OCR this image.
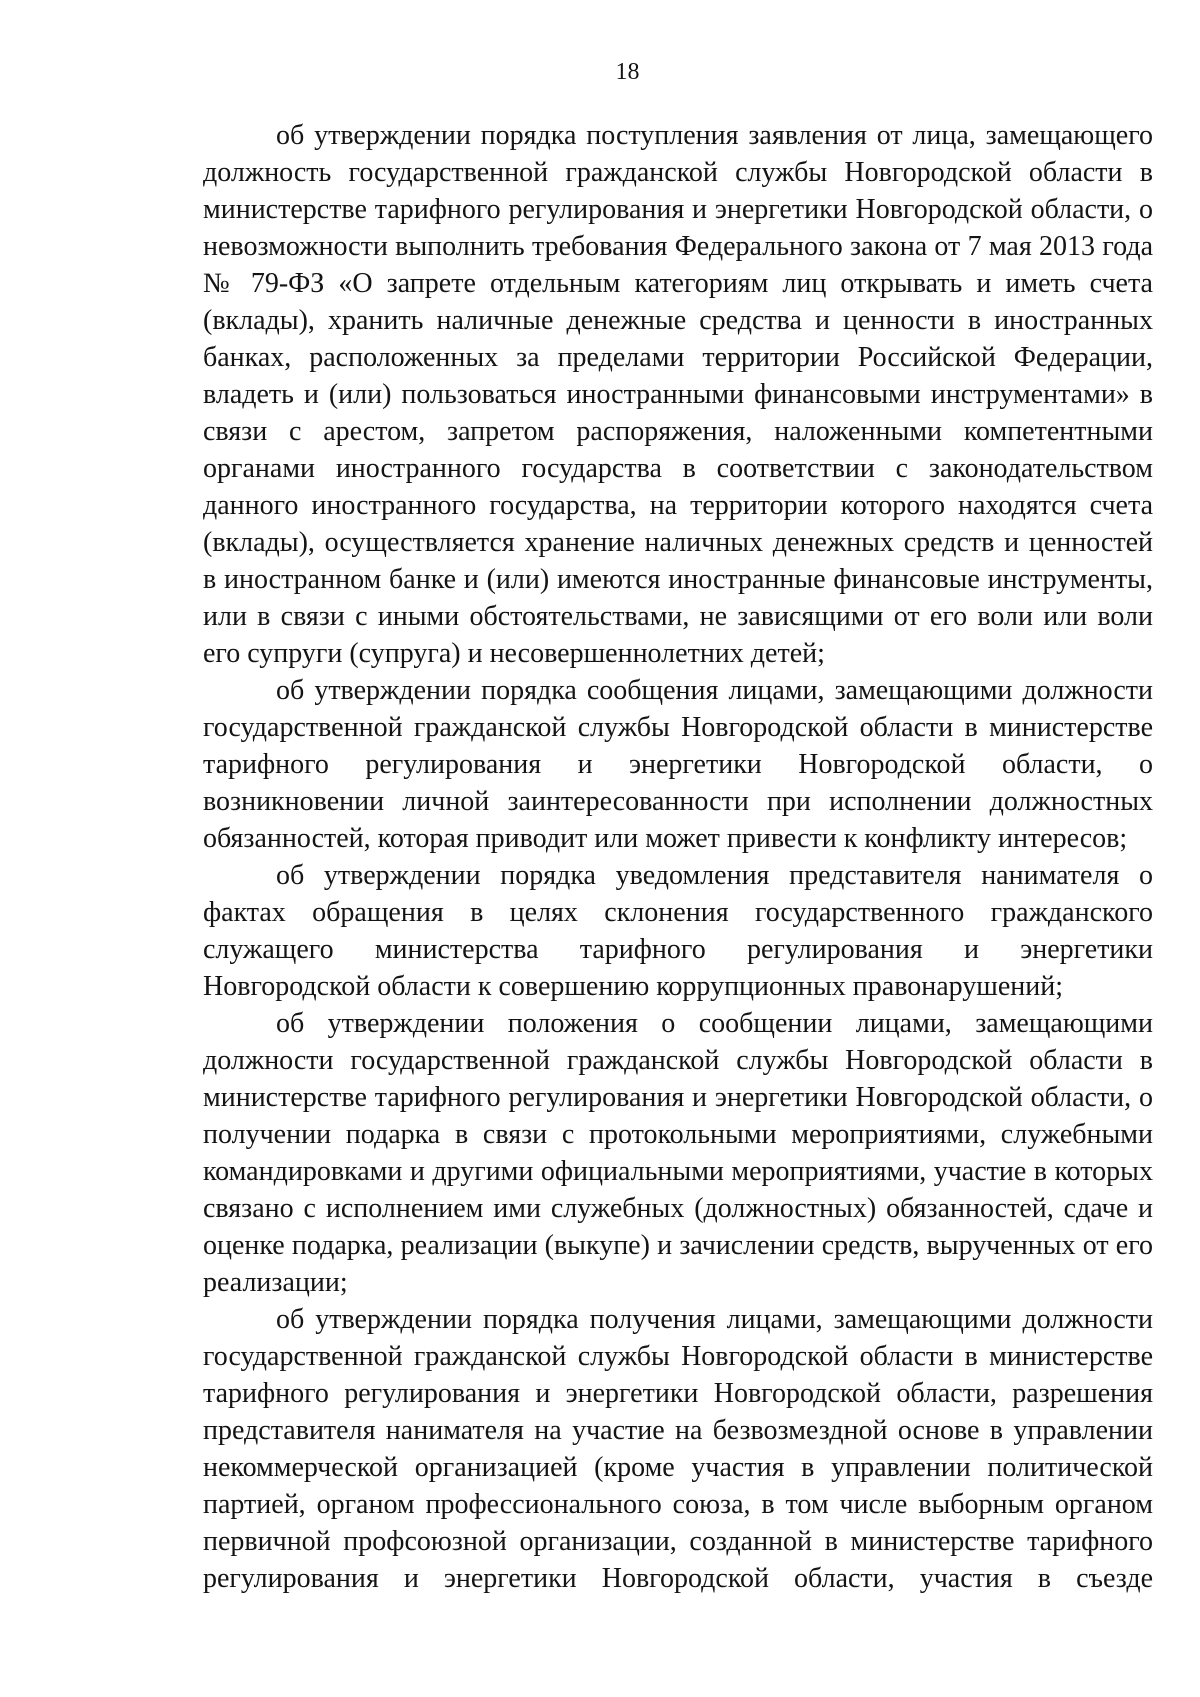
18

об утверждении порядка поступления заявления от лица, замещающего должность государственной гражданской службы Новгородской области в министерстве тарифного регулирования и энергетики Новгородской области, о невозможности выполнить требования Федерального закона от 7 мая 2013 года № 79-ФЗ «О запрете отдельным категориям лиц открывать и иметь счета (вклады), хранить наличные денежные средства и ценности в иностранных банках, расположенных за пределами территории Российской Федерации, владеть и (или) пользоваться иностранными финансовыми инструментами» в связи с арестом, запретом распоряжения, наложенными компетентными органами иностранного государства в соответствии с законодательством данного иностранного государства, на территории которого находятся счета (вклады), осуществляется хранение наличных денежных средств и ценностей в иностранном банке и (или) имеются иностранные финансовые инструменты, или в связи с иными обстоятельствами, не зависящими от его воли или воли его супруги (супруга) и несовершеннолетних детей;

об утверждении порядка сообщения лицами, замещающими должности государственной гражданской службы Новгородской области в министерстве тарифного регулирования и энергетики Новгородской области, о возникновении личной заинтересованности при исполнении должностных обязанностей, которая приводит или может привести к конфликту интересов;

об утверждении порядка уведомления представителя нанимателя о фактах обращения в целях склонения государственного гражданского служащего министерства тарифного регулирования и энергетики Новгородской области к совершению коррупционных правонарушений;

об утверждении положения о сообщении лицами, замещающими должности государственной гражданской службы Новгородской области в министерстве тарифного регулирования и энергетики Новгородской области, о получении подарка в связи с протокольными мероприятиями, служебными командировками и другими официальными мероприятиями, участие в которых связано с исполнением ими служебных (должностных) обязанностей, сдаче и оценке подарка, реализации (выкупе) и зачислении средств, вырученных от его реализации;

об утверждении порядка получения лицами, замещающими должности государственной гражданской службы Новгородской области в министерстве тарифного регулирования и энергетики Новгородской области, разрешения представителя нанимателя на участие на безвозмездной основе в управлении некоммерческой организацией (кроме участия в управлении политической партией, органом профессионального союза, в том числе выборным органом первичной профсоюзной организации, созданной в министерстве тарифного регулирования и энергетики Новгородской области, участия в съезде
